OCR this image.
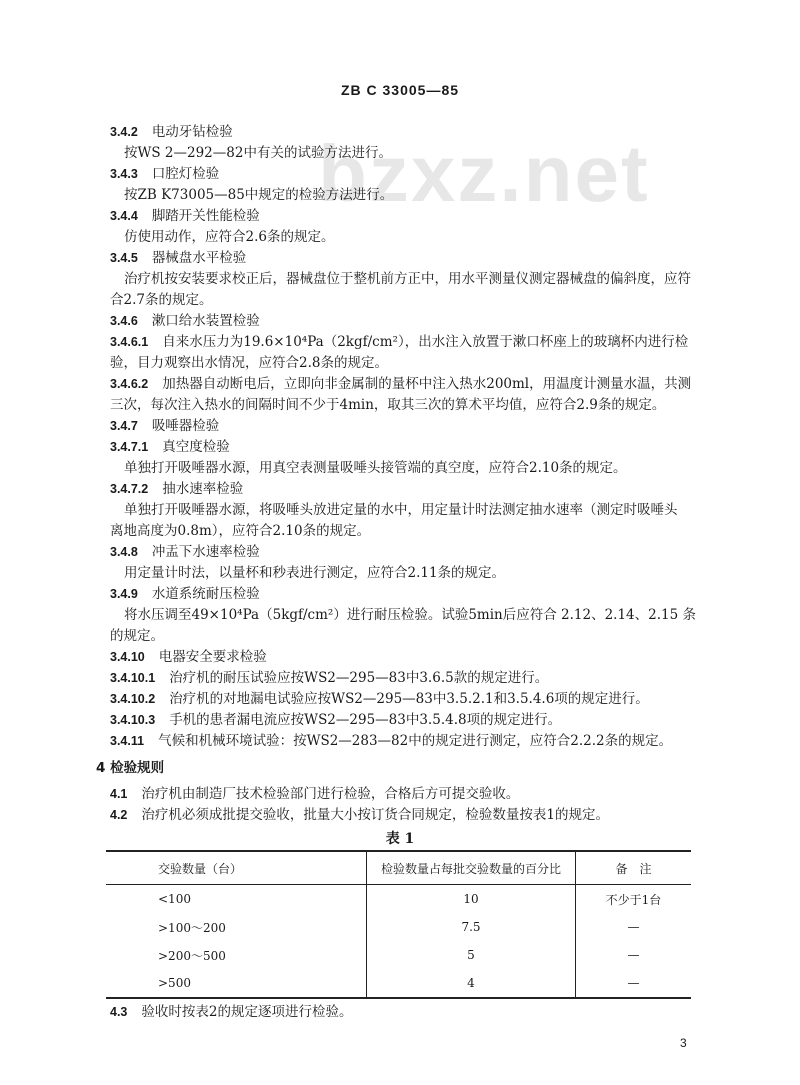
ZB C 33005—85
bzxz.net
3.4.2 电动牙钻检验
按WS 2—292—82中有关的试验方法进行。
3.4.3 口腔灯检验
按ZB K73005—85中规定的检验方法进行。
3.4.4 脚踏开关性能检验
仿使用动作，应符合2.6条的规定。
3.4.5 器械盘水平检验
治疗机按安装要求校正后，器械盘位于整机前方正中，用水平测量仪测定器械盘的偏斜度，应符
合2.7条的规定。
3.4.6 漱口给水装置检验
3.4.6.1 自来水压力为19.6×10⁴Pa（2kgf/cm²），出水注入放置于漱口杯座上的玻璃杯内进行检
验，目力观察出水情况，应符合2.8条的规定。
3.4.6.2 加热器自动断电后，立即向非金属制的量杯中注入热水200ml，用温度计测量水温，共测
三次，每次注入热水的间隔时间不少于4min，取其三次的算术平均值，应符合2.9条的规定。
3.4.7 吸唾器检验
3.4.7.1 真空度检验
单独打开吸唾器水源，用真空表测量吸唾头接管端的真空度，应符合2.10条的规定。
3.4.7.2 抽水速率检验
单独打开吸唾器水源，将吸唾头放进定量的水中，用定量计时法测定抽水速率（测定时吸唾头
离地高度为0.8m），应符合2.10条的规定。
3.4.8 冲盂下水速率检验
用定量计时法，以量杯和秒表进行测定，应符合2.11条的规定。
3.4.9 水道系统耐压检验
将水压调至49×10⁴Pa（5kgf/cm²）进行耐压检验。试验5min后应符合 2.12、2.14、2.15 条
的规定。
3.4.10 电器安全要求检验
3.4.10.1 治疗机的耐压试验应按WS2—295—83中3.6.5款的规定进行。
3.4.10.2 治疗机的对地漏电试验应按WS2—295—83中3.5.2.1和3.5.4.6项的规定进行。
3.4.10.3 手机的患者漏电流应按WS2—295—83中3.5.4.8项的规定进行。
3.4.11 气候和机械环境试验：按WS2—283—82中的规定进行测定，应符合2.2.2条的规定。
4 检验规则
4.1 治疗机由制造厂技术检验部门进行检验，合格后方可提交验收。
4.2 治疗机必须成批提交验收，批量大小按订货合同规定，检验数量按表1的规定。
表 1
交验数量（台）	检验数量占每批交验数量的百分比	备　注
<100	10	不少于1台
>100～200	7.5	—
>200～500	5	—
>500	4	—
4.3 验收时按表2的规定逐项进行检验。
3
